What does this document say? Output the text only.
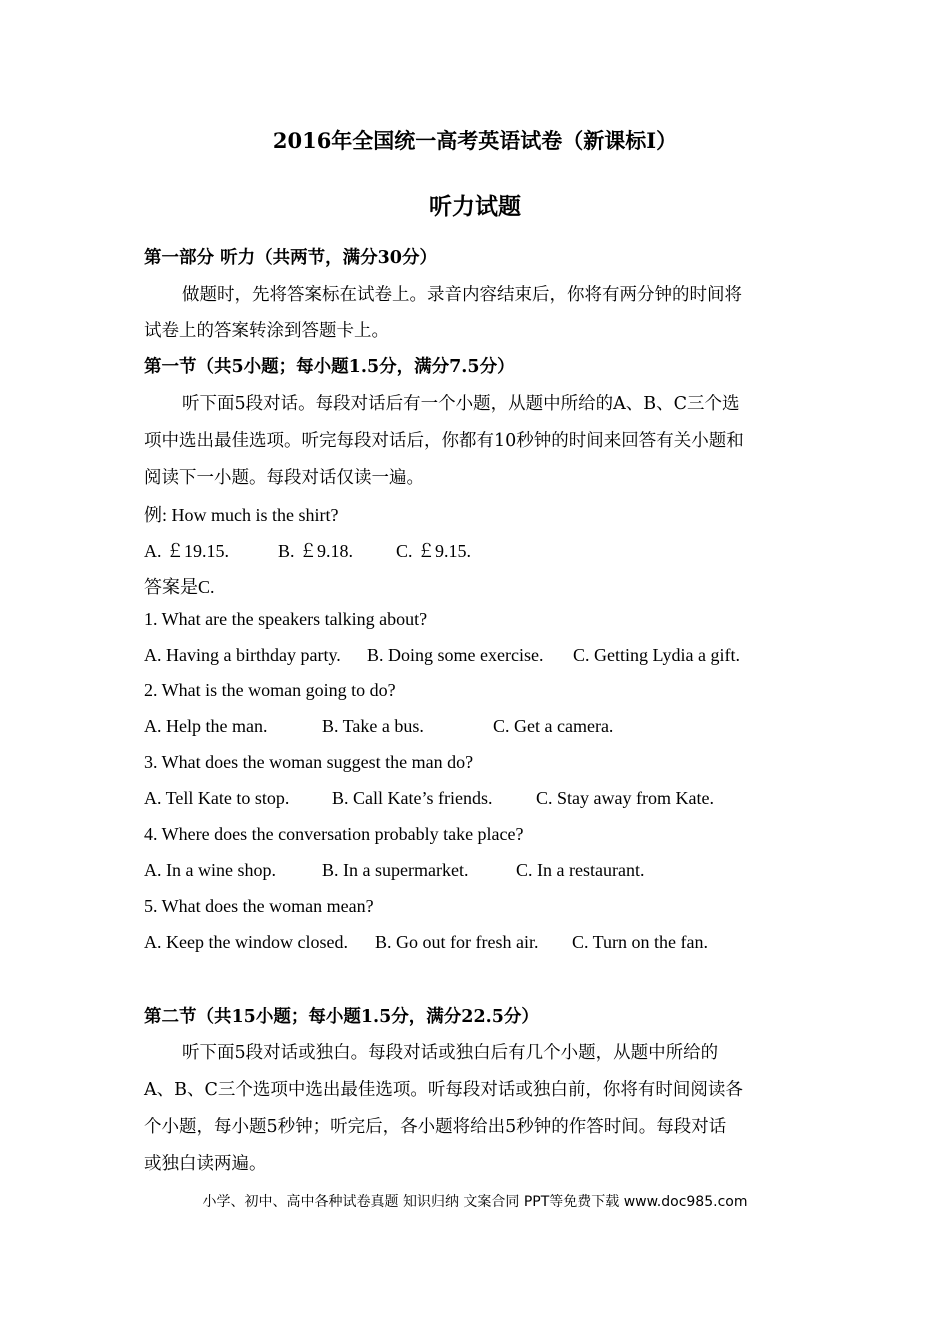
2016年全国统一高考英语试卷（新课标I）
听力试题
第一部分 听力（共两节，满分30分）
做题时，先将答案标在试卷上。录音内容结束后，你将有两分钟的时间将
试卷上的答案转涂到答题卡上。
第一节（共5小题；每小题1.5分，满分7.5分）
听下面5段对话。每段对话后有一个小题，从题中所给的A、B、C三个选
项中选出最佳选项。听完每段对话后，你都有10秒钟的时间来回答有关小题和
阅读下一小题。每段对话仅读一遍。
例: How much is the shirt?
A. ￡19.15.	B. ￡9.18. C. ￡9.15.
答案是C.
1. What are the speakers talking about?
A. Having a birthday party. B. Doing some exercise. C. Getting Lydia a gift.
2. What is the woman going to do?
A. Help the man.	B. Take a bus.	C. Get a camera.
3. What does the woman suggest the man do?
A. Tell Kate to stop. B. Call Kate’s friends. C. Stay away from Kate.
4. Where does the conversation probably take place?
A. In a wine shop.	B. In a supermarket.	C. In a restaurant.
5. What does the woman mean?
A. Keep the window closed. B. Go out for fresh air. C. Turn on the fan.
第二节（共15小题；每小题1.5分，满分22.5分）
听下面5段对话或独白。每段对话或独白后有几个小题，从题中所给的
A、B、C三个选项中选出最佳选项。听每段对话或独白前，你将有时间阅读各
个小题，每小题5秒钟；听完后，各小题将给出5秒钟的作答时间。每段对话
或独白读两遍。
小学、初中、高中各种试卷真题 知识归纳 文案合同 PPT等免费下载 www.doc985.com
